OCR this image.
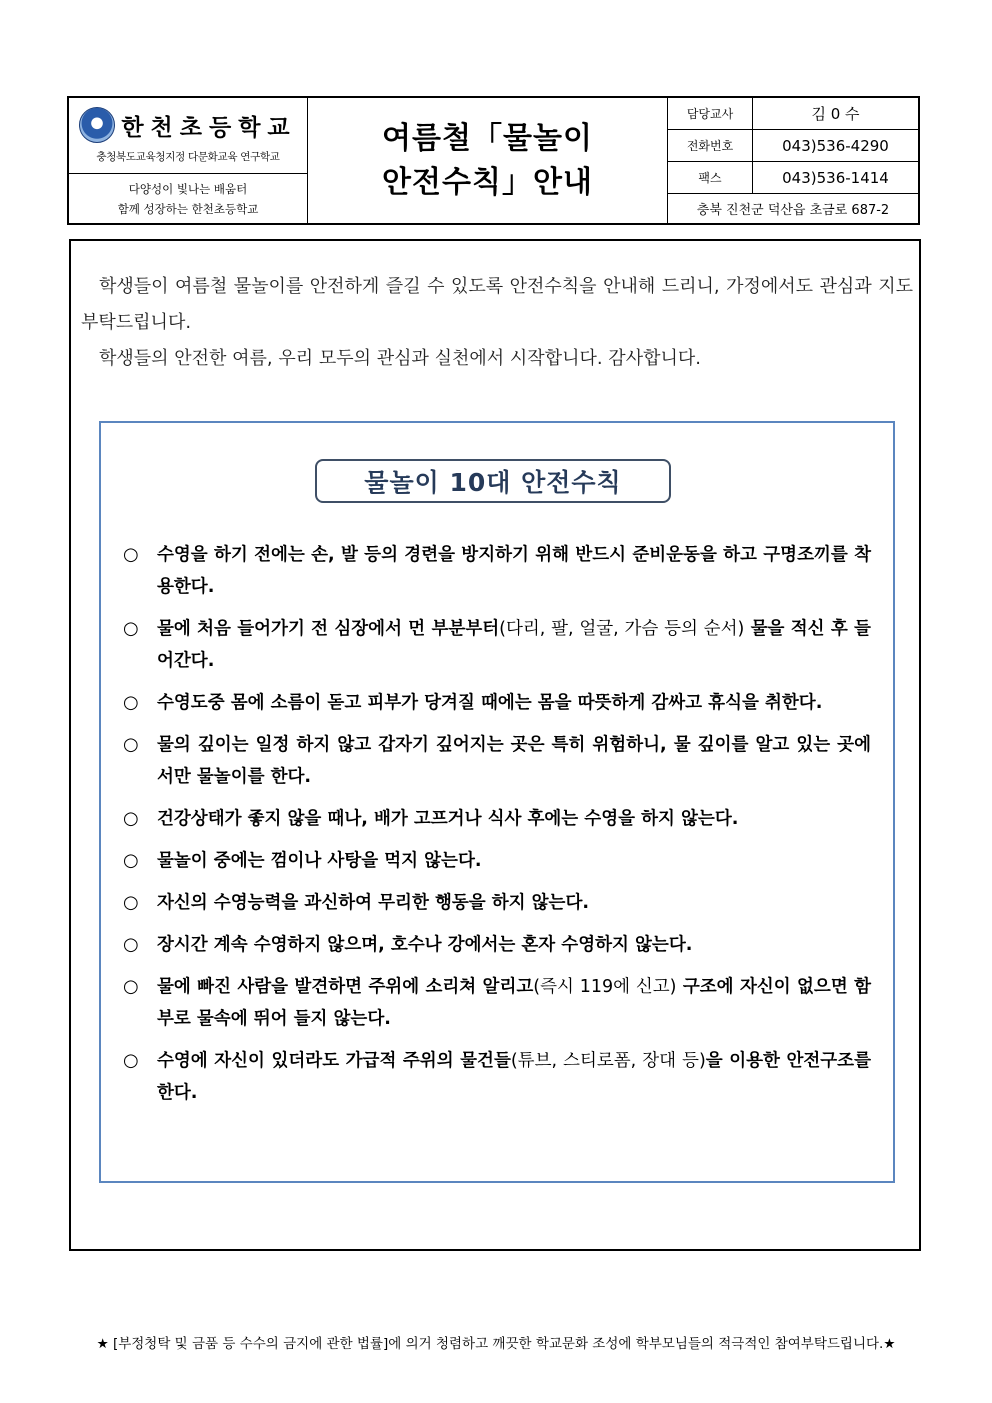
한천초등학교
충청북도교육청지정 다문화교육 연구학교
다양성이 빛나는 배움터
함께 성장하는 한천초등학교
여름철「물놀이
안전수칙」안내
담당교사	김 0 수
전화번호	043)536-4290
팩스	043)536-1414
충북 진천군 덕산읍 초금로 687-2

학생들이 여름철 물놀이를 안전하게 즐길 수 있도록 안전수칙을 안내해 드리니, 가정에서도 관심과 지도 부탁드립니다.

학생들의 안전한 여름, 우리 모두의 관심과 실천에서 시작합니다. 감사합니다.

물놀이 10대 안전수칙
○ 수영을 하기 전에는 손, 발 등의 경련을 방지하기 위해 반드시 준비운동을 하고 구명조끼를 착용한다.
○ 물에 처음 들어가기 전 심장에서 먼 부분부터(다리, 팔, 얼굴, 가슴 등의 순서) 물을 적신 후 들어간다.
○ 수영도중 몸에 소름이 돋고 피부가 당겨질 때에는 몸을 따뜻하게 감싸고 휴식을 취한다.
○ 물의 깊이는 일정 하지 않고 갑자기 깊어지는 곳은 특히 위험하니, 물 깊이를 알고 있는 곳에서만 물놀이를 한다.
○ 건강상태가 좋지 않을 때나, 배가 고프거나 식사 후에는 수영을 하지 않는다.
○ 물놀이 중에는 껌이나 사탕을 먹지 않는다.
○ 자신의 수영능력을 과신하여 무리한 행동을 하지 않는다.
○ 장시간 계속 수영하지 않으며, 호수나 강에서는 혼자 수영하지 않는다.
○ 물에 빠진 사람을 발견하면 주위에 소리쳐 알리고(즉시 119에 신고) 구조에 자신이 없으면 함부로 물속에 뛰어 들지 않는다.
○ 수영에 자신이 있더라도 가급적 주위의 물건들(튜브, 스티로폼, 장대 등)을 이용한 안전구조를 한다.
★ [부정청탁 및 금품 등 수수의 금지에 관한 법률]에 의거 청렴하고 깨끗한 학교문화 조성에 학부모님들의 적극적인 참여부탁드립니다.★
